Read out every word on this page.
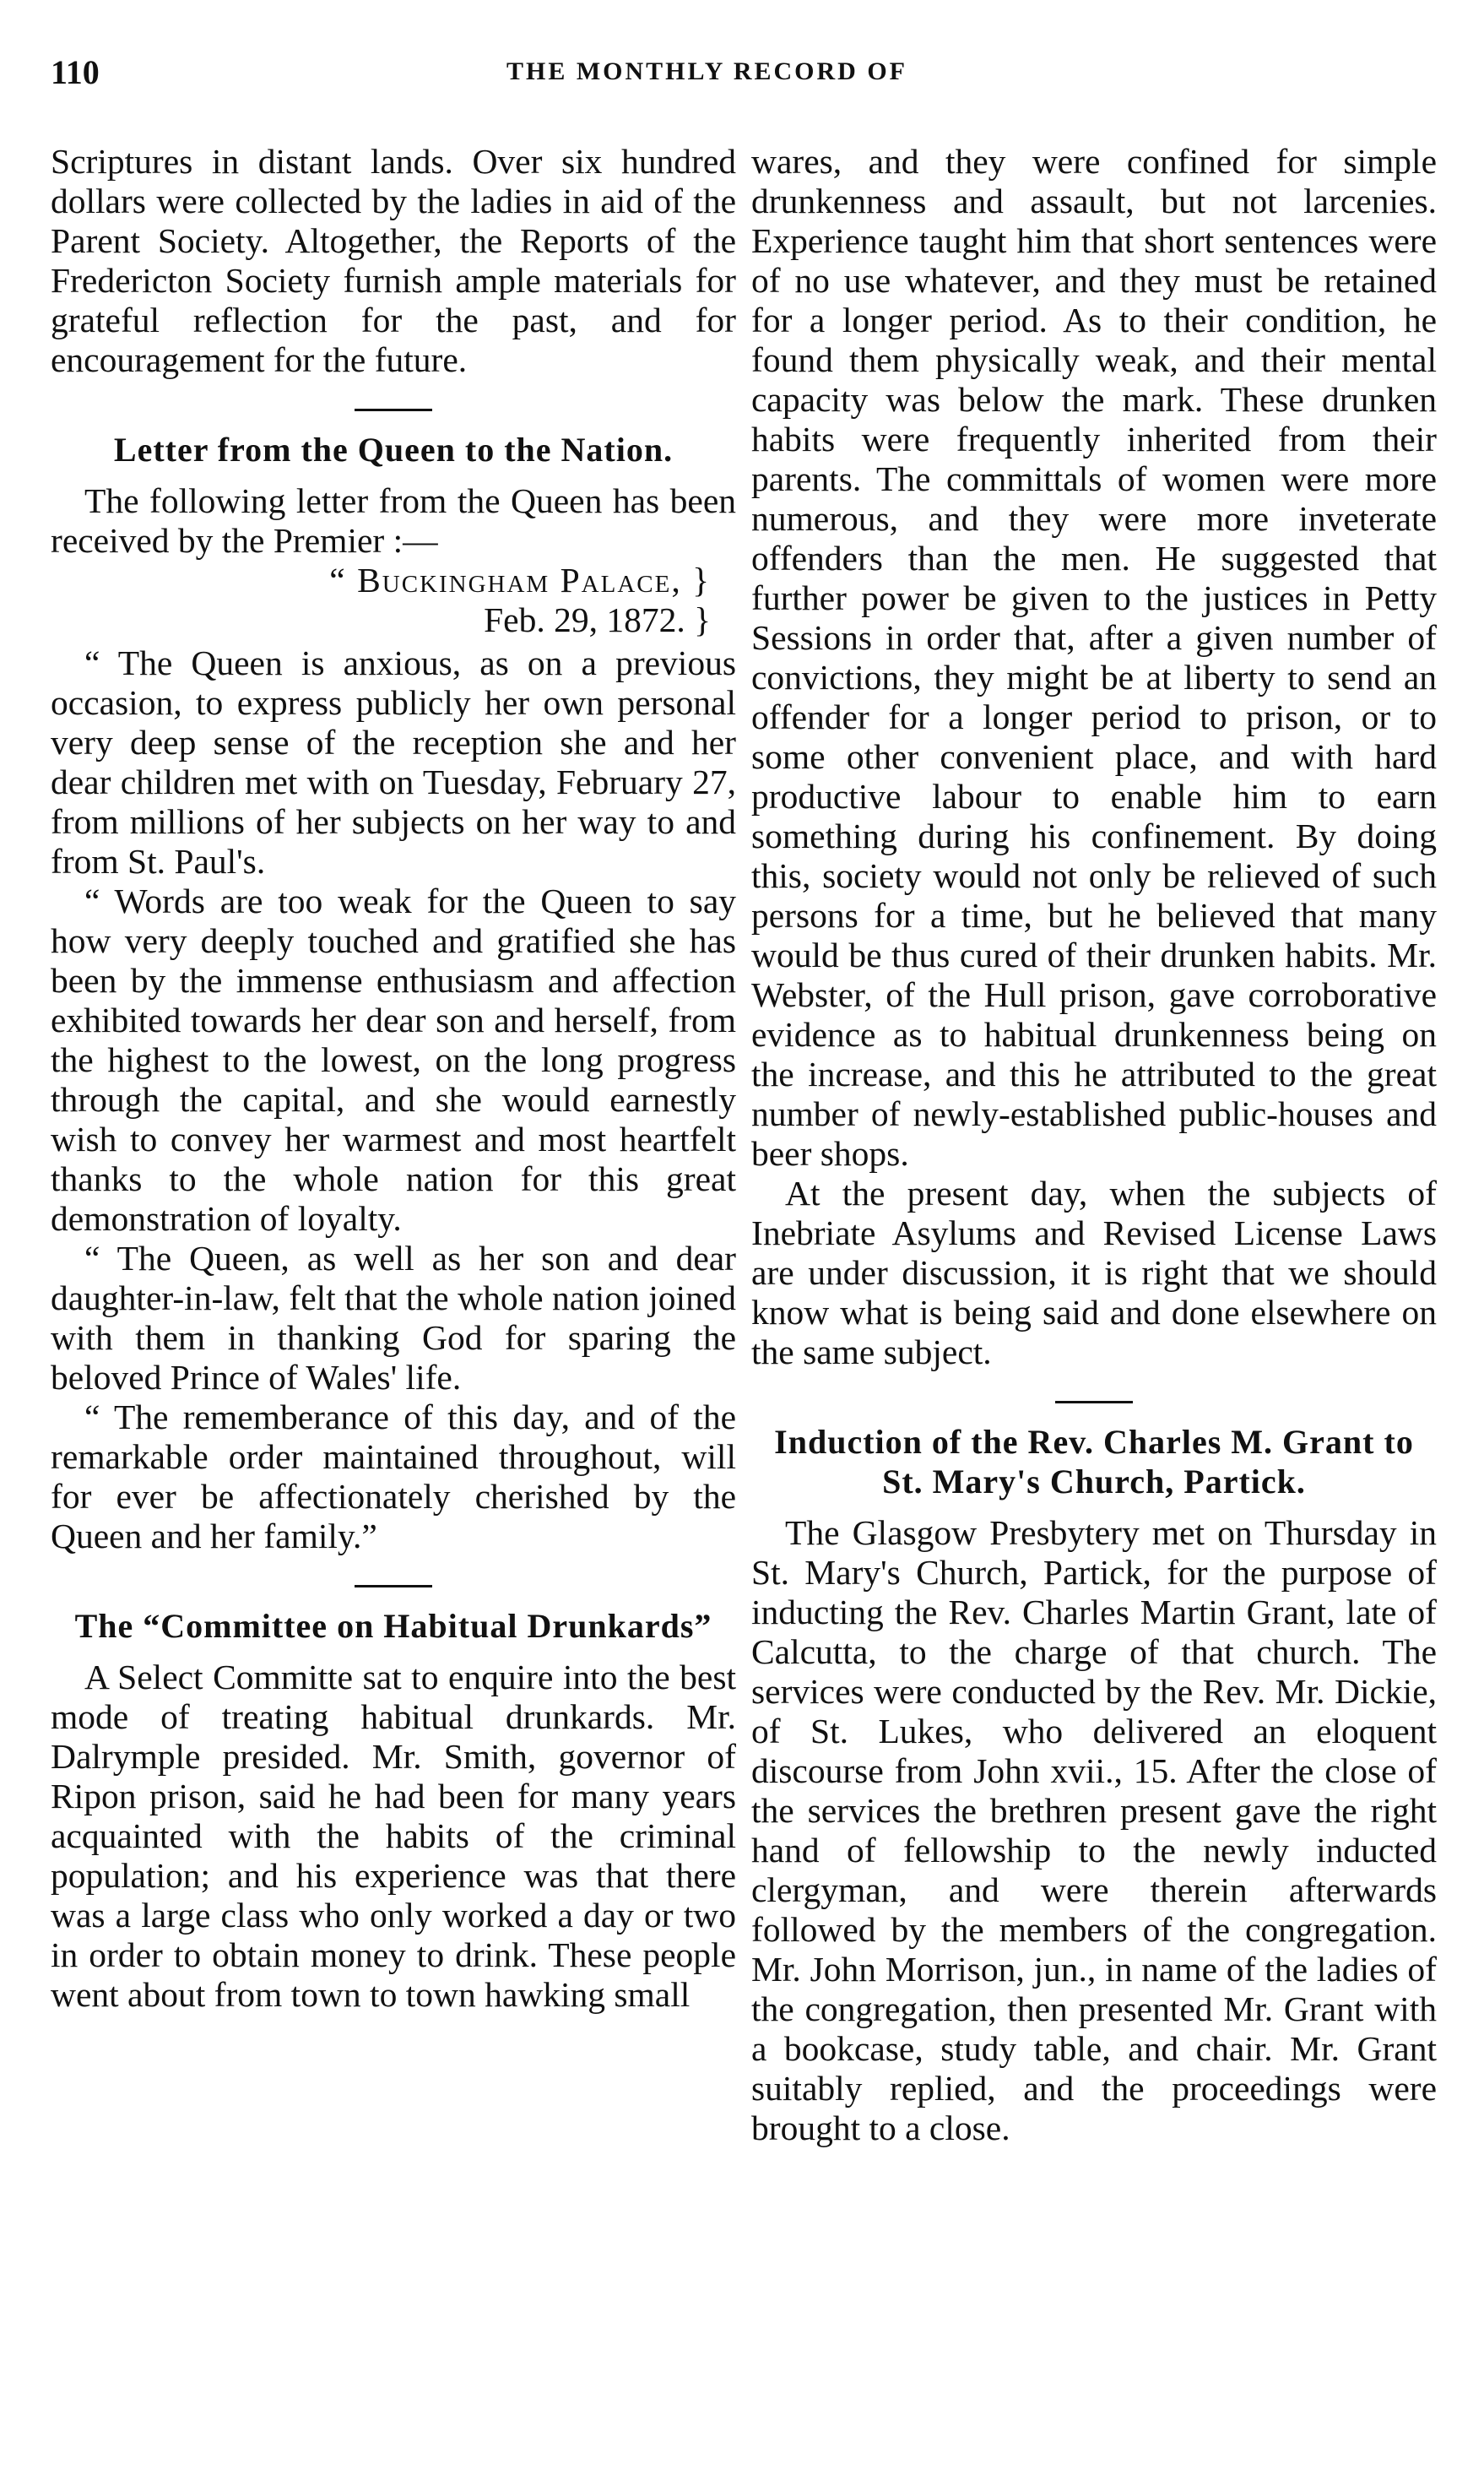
110	THE MONTHLY RECORD OF

Scriptures in distant lands. Over six hundred dollars were collected by the ladies in aid of the Parent Society. Altogether, the Reports of the Fredericton Society furnish ample materials for grateful reflection for the past, and for encouragement for the future.

Letter from the Queen to the Nation.

The following letter from the Queen has been received by the Premier :—

“ Buckingham Palace, }
Feb. 29, 1872. }

“ The Queen is anxious, as on a previous occasion, to express publicly her own personal very deep sense of the reception she and her dear children met with on Tuesday, February 27, from millions of her subjects on her way to and from St. Paul's.

“ Words are too weak for the Queen to say how very deeply touched and gratified she has been by the immense enthusiasm and affection exhibited towards her dear son and herself, from the highest to the lowest, on the long progress through the capital, and she would earnestly wish to convey her warmest and most heartfelt thanks to the whole nation for this great demonstration of loyalty.

“ The Queen, as well as her son and dear daughter-in-law, felt that the whole nation joined with them in thanking God for sparing the beloved Prince of Wales' life.

“ The rememberance of this day, and of the remarkable order maintained throughout, will for ever be affectionately cherished by the Queen and her family.”

The “Committee on Habitual Drunkards”

A Select Committe sat to enquire into the best mode of treating habitual drunkards. Mr. Dalrymple presided. Mr. Smith, governor of Ripon prison, said he had been for many years acquainted with the habits of the criminal population; and his experience was that there was a large class who only worked a day or two in order to obtain money to drink. These people went about from town to town hawking small

wares, and they were confined for simple drunkenness and assault, but not larcenies. Experience taught him that short sentences were of no use whatever, and they must be retained for a longer period. As to their condition, he found them physically weak, and their mental capacity was below the mark. These drunken habits were frequently inherited from their parents. The committals of women were more numerous, and they were more inveterate offenders than the men. He suggested that further power be given to the justices in Petty Sessions in order that, after a given number of convictions, they might be at liberty to send an offender for a longer period to prison, or to some other convenient place, and with hard productive labour to enable him to earn something during his confinement. By doing this, society would not only be relieved of such persons for a time, but he believed that many would be thus cured of their drunken habits. Mr. Webster, of the Hull prison, gave corroborative evidence as to habitual drunkenness being on the increase, and this he attributed to the great number of newly-established public-houses and beer shops.

At the present day, when the subjects of Inebriate Asylums and Revised License Laws are under discussion, it is right that we should know what is being said and done elsewhere on the same subject.

Induction of the Rev. Charles M. Grant to St. Mary's Church, Partick.

The Glasgow Presbytery met on Thursday in St. Mary's Church, Partick, for the purpose of inducting the Rev. Charles Martin Grant, late of Calcutta, to the charge of that church. The services were conducted by the Rev. Mr. Dickie, of St. Lukes, who delivered an eloquent discourse from John xvii., 15. After the close of the services the brethren present gave the right hand of fellowship to the newly inducted clergyman, and were therein afterwards followed by the members of the congregation. Mr. John Morrison, jun., in name of the ladies of the congregation, then presented Mr. Grant with a bookcase, study table, and chair. Mr. Grant suitably replied, and the proceedings were brought to a close.
